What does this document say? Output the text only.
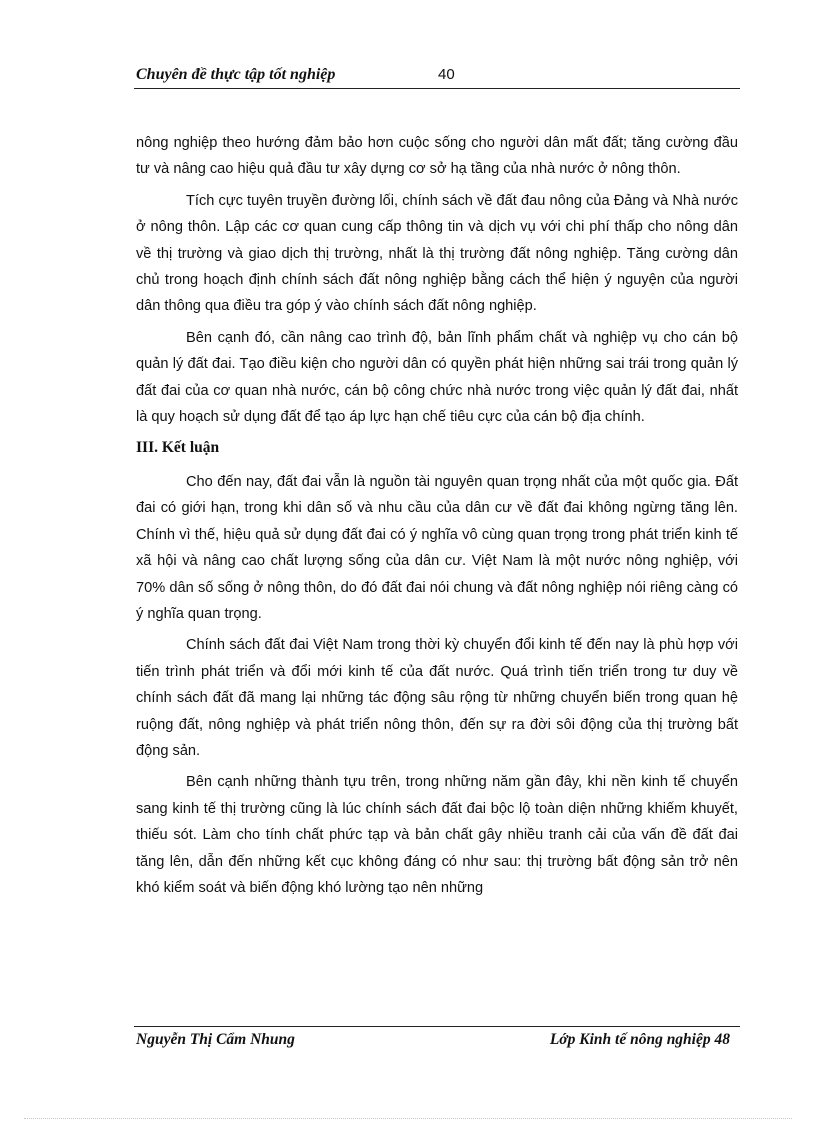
Chuyên đề thực tập tốt nghiệp	40

nông nghiệp theo hướng đảm bảo hơn cuộc sống cho người dân mất đất; tăng cường đầu tư và nâng cao hiệu quả đầu tư xây dựng cơ sở hạ tầng của nhà nước ở nông thôn.

Tích cực tuyên truyền đường lối, chính sách về đất đau nông của Đảng và Nhà nước ở nông thôn. Lập các cơ quan cung cấp thông tin và dịch vụ với chi phí thấp cho nông dân về thị trường và giao dịch thị trường, nhất là thị trường đất nông nghiệp. Tăng cường dân chủ trong hoạch định chính sách đất nông nghiệp bằng cách thể hiện ý nguyện của người dân thông qua điều tra góp ý vào chính sách đất nông nghiệp.

Bên cạnh đó, cần nâng cao trình độ, bản lĩnh phẩm chất và nghiệp vụ cho cán bộ quản lý đất đai. Tạo điều kiện cho người dân có quyền phát hiện những sai trái trong quản lý đất đai của cơ quan nhà nước, cán bộ công chức nhà nước trong việc quản lý đất đai, nhất là quy hoạch sử dụng đất để tạo áp lực hạn chế tiêu cực của cán bộ địa chính.

III. Kết luận

Cho đến nay, đất đai vẫn là nguồn tài nguyên quan trọng nhất của một quốc gia. Đất đai có giới hạn, trong khi dân số và nhu cầu của dân cư về đất đai không ngừng tăng lên. Chính vì thế, hiệu quả sử dụng đất đai có ý nghĩa vô cùng quan trọng trong phát triển kinh tế xã hội và nâng cao chất lượng sống của dân cư. Việt Nam là một nước nông nghiệp, với 70% dân số sống ở nông thôn, do đó đất đai nói chung và đất nông nghiệp nói riêng càng có ý nghĩa quan trọng.

Chính sách đất đai Việt Nam trong thời kỳ chuyển đổi kinh tế đến nay là phù hợp với tiến trình phát triển và đổi mới kinh tế của đất nước. Quá trình tiến triển trong tư duy về chính sách đất đã mang lại những tác động sâu rộng từ những chuyển biến trong quan hệ ruộng đất, nông nghiệp và phát triển nông thôn, đến sự ra đời sôi động của thị trường bất động sản.

Bên cạnh những thành tựu trên, trong những năm gần đây, khi nền kinh tế chuyển sang kinh tế thị trường cũng là lúc chính sách đất đai bộc lộ toàn diện những khiếm khuyết, thiếu sót. Làm cho tính chất phức tạp và bản chất gây nhiều tranh cải của vấn đề đất đai tăng lên, dẫn đến những kết cục không đáng có như sau: thị trường bất động sản trở nên khó kiểm soát và biến động khó lường tạo nên những

Nguyễn Thị Cẩm Nhung	Lớp Kinh tế nông nghiệp 48
